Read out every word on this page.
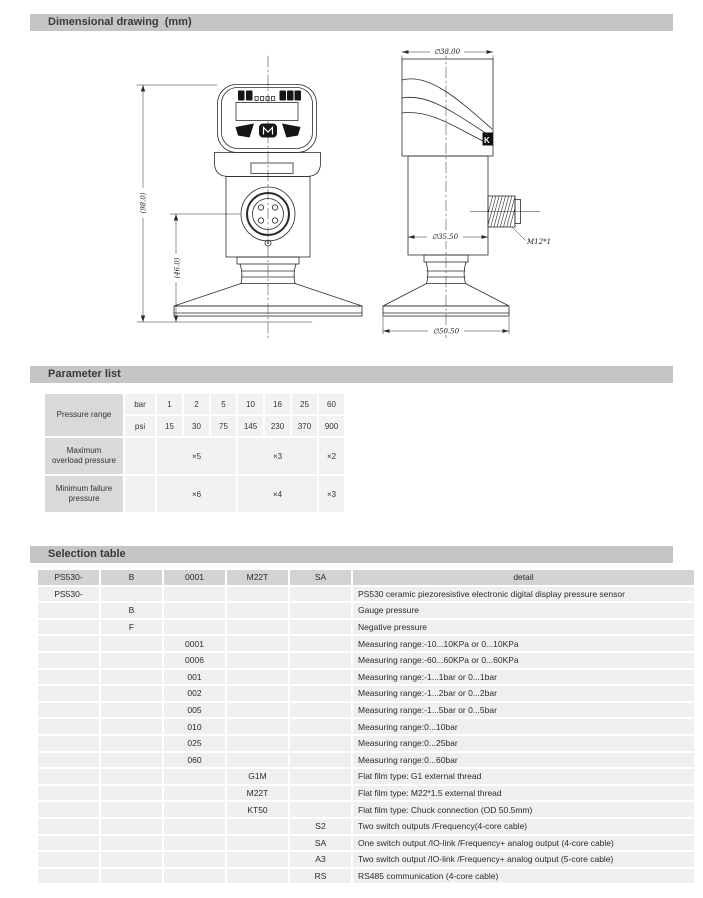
(98.0)
(46.0)
∅38.00
∅35.50
∅50.50
M12*1
K
Dimensional drawing  (mm)
Parameter list
Selection table
Pressure range	bar	1	2	5	10	16	25	60
	psi	15	30	75	145	230	370	900
Maximum overload pressure		×5			×3			×2
Minimum failure pressure		×6			×4			×3
PS530-	B	0001	M22T	SA	detail
PS530-					PS530 ceramic piezoresistive electronic digital display pressure sensor
	B				Gauge pressure
	F				Negative pressure
		0001			Measuring range:-10...10KPa or 0...10KPa
		0006			Measuring range:-60...60KPa or 0...60KPa
		001			Measuring range:-1...1bar or 0...1bar
		002			Measuring range:-1...2bar or 0...2bar
		005			Measuring range:-1...5bar or 0...5bar
		010			Measuring range:0...10bar
		025			Measuring range:0...25bar
		060			Measuring range:0...60bar
			G1M		Flat film type: G1 external thread
			M22T		Flat film type: M22*1.5 external thread
			KT50		Flat film type: Chuck connection (OD 50.5mm)
				S2	Two switch outputs /Frequency(4-core cable)
				SA	One switch output /IO-link /Frequency+ analog output (4-core cable)
				A3	Two switch output /IO-link /Frequency+ analog output (5-core cable)
				RS	RS485 communication (4-core cable)
